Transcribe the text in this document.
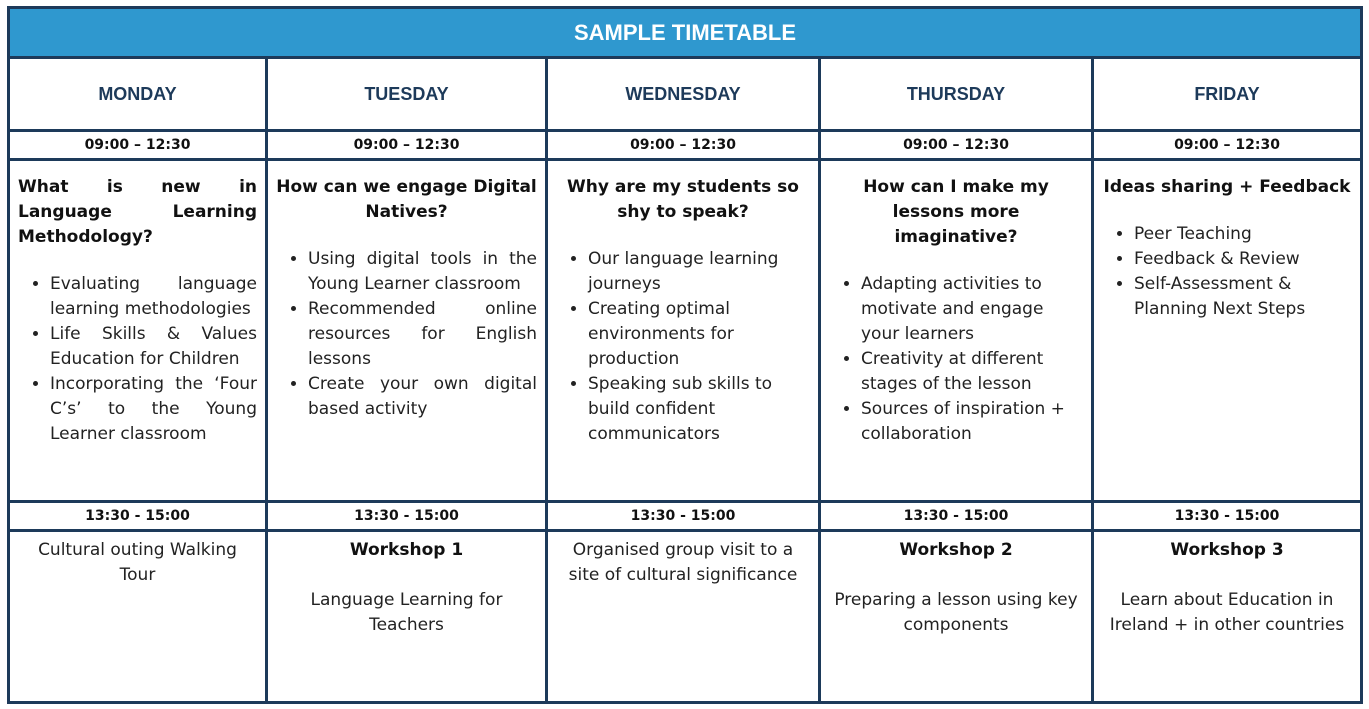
SAMPLE TIMETABLE
MONDAY
09:00 – 12:30
What is new in Language Learning Methodology?
• Evaluating language learning methodologies
• Life Skills & Values Education for Children
• Incorporating the ‘Four C’s’ to the Young Learner classroom
13:30 - 15:00
Cultural outing Walking Tour
TUESDAY
09:00 – 12:30
How can we engage Digital Natives?
• Using digital tools in the Young Learner classroom
• Recommended online resources for English lessons
• Create your own digital based activity
13:30 - 15:00
Workshop 1
Language Learning for Teachers
WEDNESDAY
09:00 – 12:30
Why are my students so shy to speak?
• Our language learning journeys
• Creating optimal environments for production
• Speaking sub skills to build confident communicators
13:30 - 15:00
Organised group visit to a site of cultural significance
THURSDAY
09:00 – 12:30
How can I make my lessons more imaginative?
• Adapting activities to motivate and engage your learners
• Creativity at different stages of the lesson
• Sources of inspiration + collaboration
13:30 - 15:00
Workshop 2
Preparing a lesson using key components
FRIDAY
09:00 – 12:30
Ideas sharing + Feedback
• Peer Teaching
• Feedback & Review
• Self-Assessment & Planning Next Steps
13:30 - 15:00
Workshop 3
Learn about Education in Ireland + in other countries
